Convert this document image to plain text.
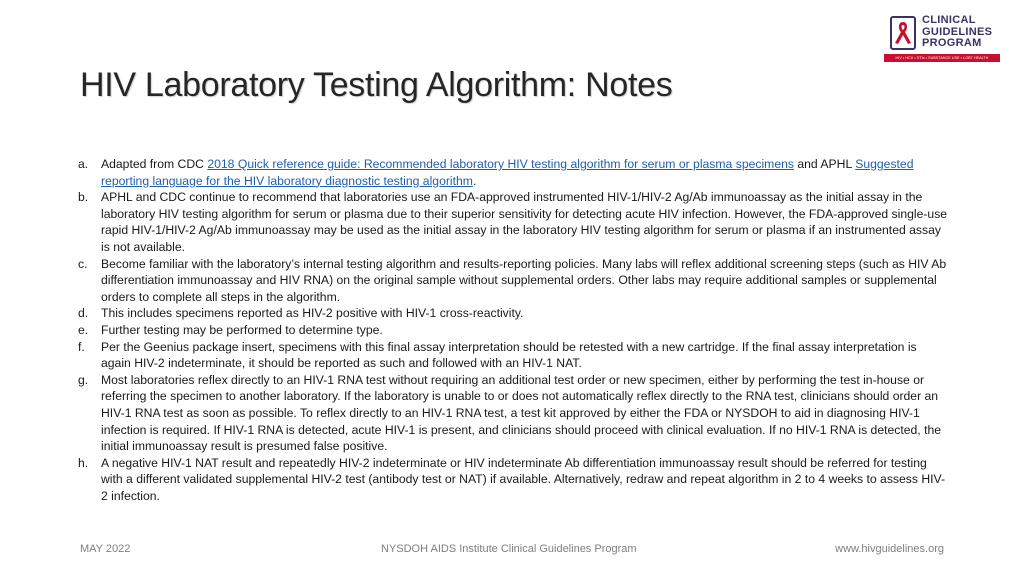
HIV Laboratory Testing Algorithm: Notes
CLINICAL
GUIDELINES
PROGRAM
HIV • HCV • STIs • SUBSTANCE USE • LGBT HEALTH
a. Adapted from CDC 2018 Quick reference guide: Recommended laboratory HIV testing algorithm for serum or plasma specimens and APHL Suggested reporting language for the HIV laboratory diagnostic testing algorithm.
b. APHL and CDC continue to recommend that laboratories use an FDA-approved instrumented HIV-1/HIV-2 Ag/Ab immunoassay as the initial assay in the laboratory HIV testing algorithm for serum or plasma due to their superior sensitivity for detecting acute HIV infection. However, the FDA-approved single-use rapid HIV-1/HIV-2 Ag/Ab immunoassay may be used as the initial assay in the laboratory HIV testing algorithm for serum or plasma if an instrumented assay is not available.
c. Become familiar with the laboratory’s internal testing algorithm and results-reporting policies. Many labs will reflex additional screening steps (such as HIV Ab differentiation immunoassay and HIV RNA) on the original sample without supplemental orders. Other labs may require additional samples or supplemental orders to complete all steps in the algorithm.
d. This includes specimens reported as HIV-2 positive with HIV-1 cross-reactivity.
e. Further testing may be performed to determine type.
f. Per the Geenius package insert, specimens with this final assay interpretation should be retested with a new cartridge. If the final assay interpretation is again HIV-2 indeterminate, it should be reported as such and followed with an HIV-1 NAT.
g. Most laboratories reflex directly to an HIV-1 RNA test without requiring an additional test order or new specimen, either by performing the test in-house or referring the specimen to another laboratory. If the laboratory is unable to or does not automatically reflex directly to the RNA test, clinicians should order an HIV-1 RNA test as soon as possible. To reflex directly to an HIV-1 RNA test, a test kit approved by either the FDA or NYSDOH to aid in diagnosing HIV-1 infection is required. If HIV-1 RNA is detected, acute HIV-1 is present, and clinicians should proceed with clinical evaluation. If no HIV-1 RNA is detected, the initial immunoassay result is presumed false positive.
h. A negative HIV-1 NAT result and repeatedly HIV-2 indeterminate or HIV indeterminate Ab differentiation immunoassay result should be referred for testing with a different validated supplemental HIV-2 test (antibody test or NAT) if available. Alternatively, redraw and repeat algorithm in 2 to 4 weeks to assess HIV-2 infection.
MAY 2022	NYSDOH AIDS Institute Clinical Guidelines Program	www.hivguidelines.org
